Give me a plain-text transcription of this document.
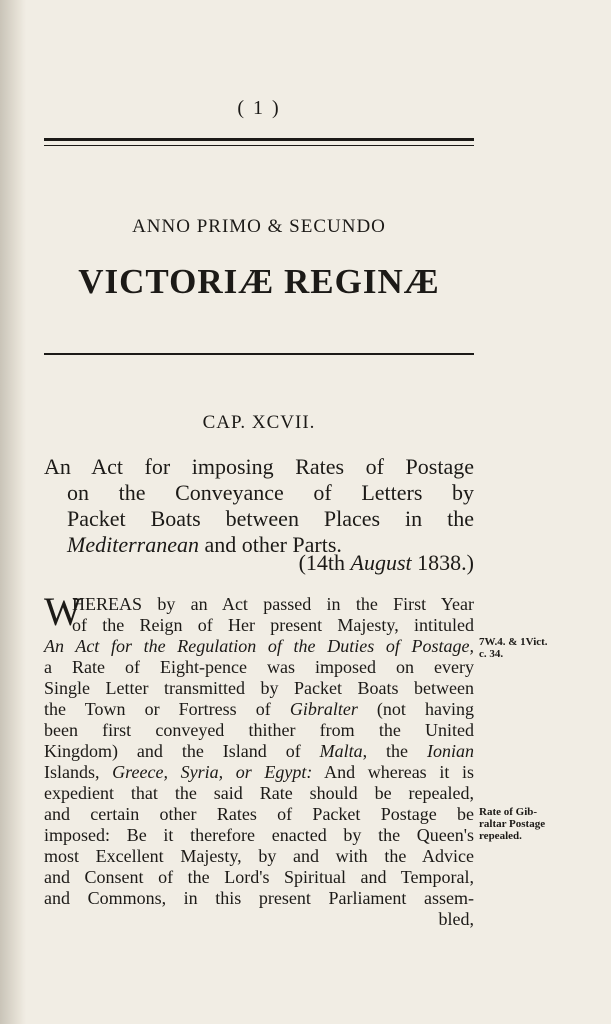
( 1 )
ANNO PRIMO & SECUNDO
VICTORIÆ REGINÆ
CAP. XCVII.
An Act for imposing Rates of Postage
on the Conveyance of Letters by
Packet Boats between Places in the
Mediterranean and other Parts.
(14th August 1838.)
W
HEREAS by an Act passed in the First Year
of the Reign of Her present Majesty, intituled
An Act for the Regulation of the Duties of Postage,
a Rate of Eight-pence was imposed on every
Single Letter transmitted by Packet Boats between
the Town or Fortress of Gibralter (not having
been first conveyed thither from the United
Kingdom) and the Island of Malta, the Ionian
Islands, Greece, Syria, or Egypt: And whereas it is
expedient that the said Rate should be repealed,
and certain other Rates of Packet Postage be
imposed: Be it therefore enacted by the Queen's
most Excellent Majesty, by and with the Advice
and Consent of the Lord's Spiritual and Temporal,
and Commons, in this present Parliament assem-
bled,
7W.4. & 1Vict.
c. 34.
Rate of Gib-
raltar Postage
repealed.
